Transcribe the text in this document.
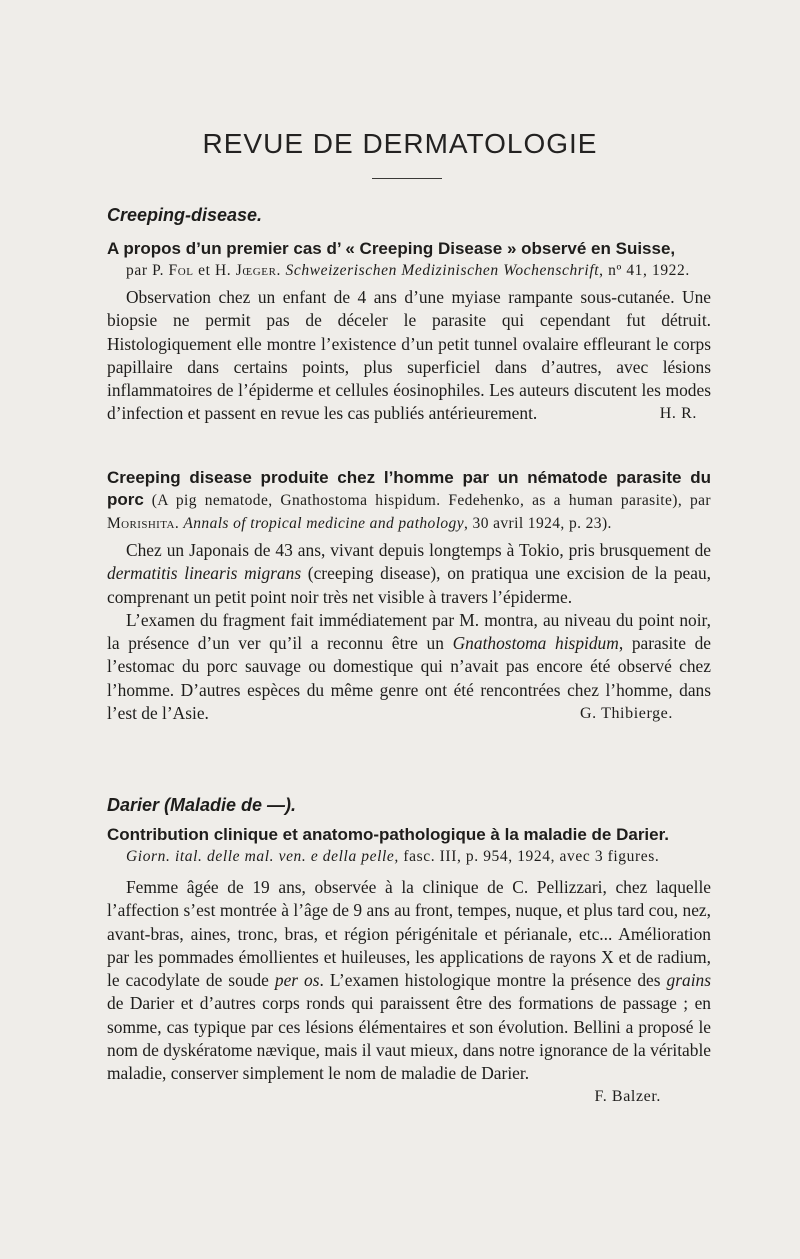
REVUE DE DERMATOLOGIE

Creeping-disease.

A propos d’un premier cas d’ « Creeping Disease » observé en Suisse,

par P. Fol et H. Jœger. Schweizerischen Medizinischen Wochenschrift, nº 41, 1922.

Observation chez un enfant de 4 ans d’une myiase rampante sous-cutanée. Une biopsie ne permit pas de déceler le parasite qui cependant fut détruit. Histologiquement elle montre l’existence d’un petit tunnel ovalaire effleurant le corps papillaire dans certains points, plus superficiel dans d’autres, avec lésions inflammatoires de l’épiderme et cellules éosinophiles. Les auteurs discutent les modes d’infection et passent en revue les cas publiés antérieurement.	H. R.

Creeping disease produite chez l’homme par un nématode parasite du porc (A pig nematode, Gnathostoma hispidum. Fedehenko, as a human parasite), par Morishita. Annals of tropical medicine and pathology, 30 avril 1924, p. 23).

Chez un Japonais de 43 ans, vivant depuis longtemps à Tokio, pris brusquement de dermatitis linearis migrans (creeping disease), on pratiqua une excision de la peau, comprenant un petit point noir très net visible à travers l’épiderme.

L’examen du fragment fait immédiatement par M. montra, au niveau du point noir, la présence d’un ver qu’il a reconnu être un Gnathostoma hispidum, parasite de l’estomac du porc sauvage ou domestique qui n’avait pas encore été observé chez l’homme. D’autres espèces du même genre ont été rencontrées chez l’homme, dans l’est de l’Asie.	G. Thibierge.

Darier (Maladie de —).

Contribution clinique et anatomo-pathologique à la maladie de Darier.

Giorn. ital. delle mal. ven. e della pelle, fasc. III, p. 954, 1924, avec 3 figures.

Femme âgée de 19 ans, observée à la clinique de C. Pellizzari, chez laquelle l’affection s’est montrée à l’âge de 9 ans au front, tempes, nuque, et plus tard cou, nez, avant-bras, aines, tronc, bras, et région périgénitale et périanale, etc... Amélioration par les pommades émollientes et huileuses, les applications de rayons X et de radium, le cacodylate de soude per os. L’examen histologique montre la présence des grains de Darier et d’autres corps ronds qui paraissent être des formations de passage ; en somme, cas typique par ces lésions élémentaires et son évolution. Bellini a proposé le nom de dyskératome nævique, mais il vaut mieux, dans notre ignorance de la véritable maladie, conserver simplement le nom de maladie de Darier.

F. Balzer.
